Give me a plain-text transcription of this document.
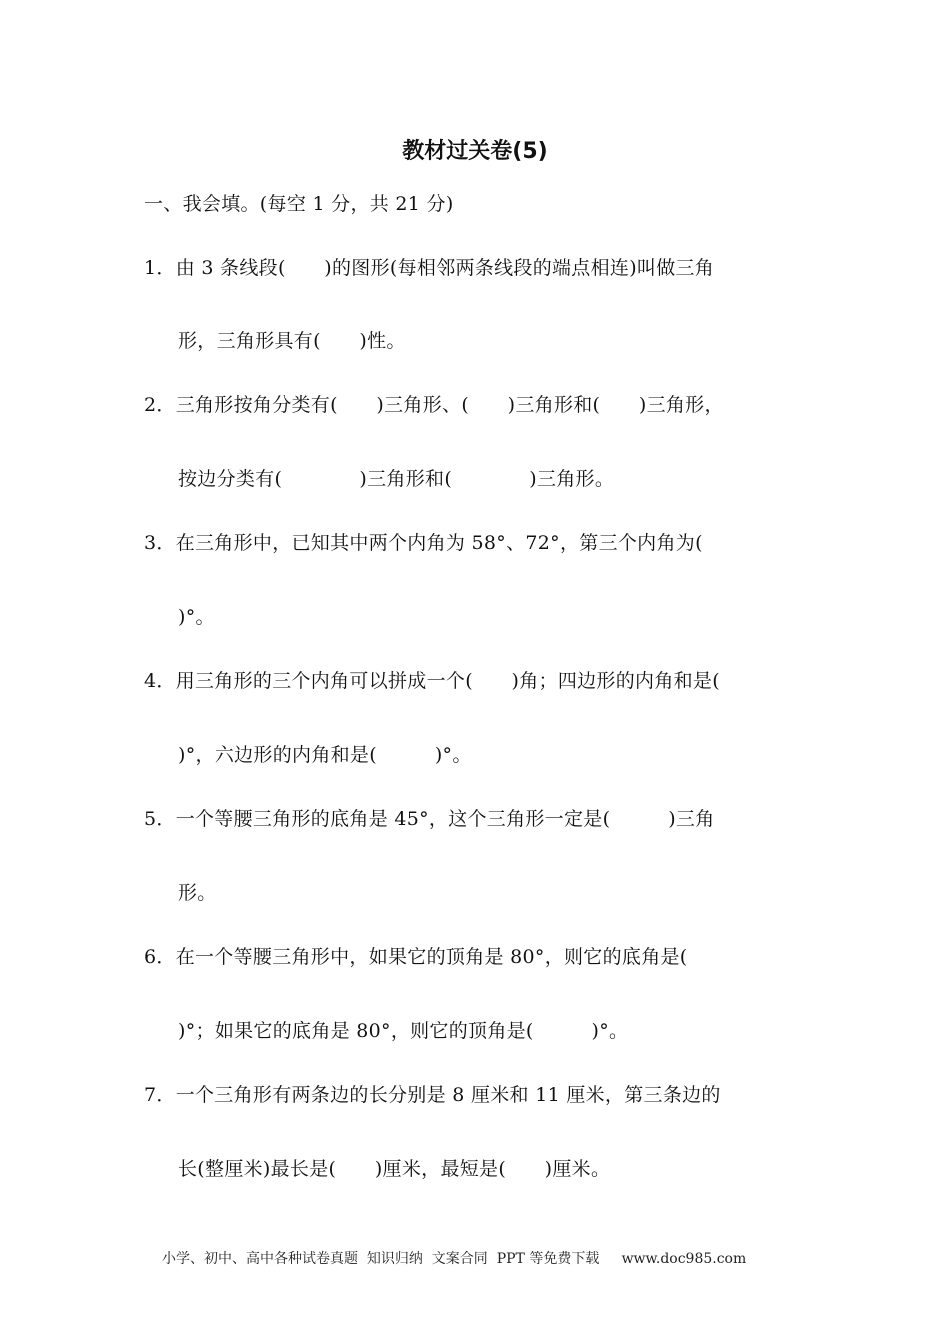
教材过关卷(5)
一、我会填。(每空 1 分，共 21 分)
1．由 3 条线段(　　)的图形(每相邻两条线段的端点相连)叫做三角
形，三角形具有(　　)性。
2．三角形按角分类有(　　)三角形、(　　)三角形和(　　)三角形，
按边分类有(　　　　)三角形和(　　　　)三角形。
3．在三角形中，已知其中两个内角为 58°、72°，第三个内角为(
)°。
4．用三角形的三个内角可以拼成一个(　　)角；四边形的内角和是(
)°，六边形的内角和是(　　　)°。
5．一个等腰三角形的底角是 45°，这个三角形一定是(　　　)三角
形。
6．在一个等腰三角形中，如果它的顶角是 80°，则它的底角是(
)°；如果它的底角是 80°，则它的顶角是(　　　)°。
7．一个三角形有两条边的长分别是 8 厘米和 11 厘米，第三条边的
长(整厘米)最长是(　　)厘米，最短是(　　)厘米。
小学、初中、高中各种试卷真题  知识归纳  文案合同  PPT 等免费下载     www.doc985.com
